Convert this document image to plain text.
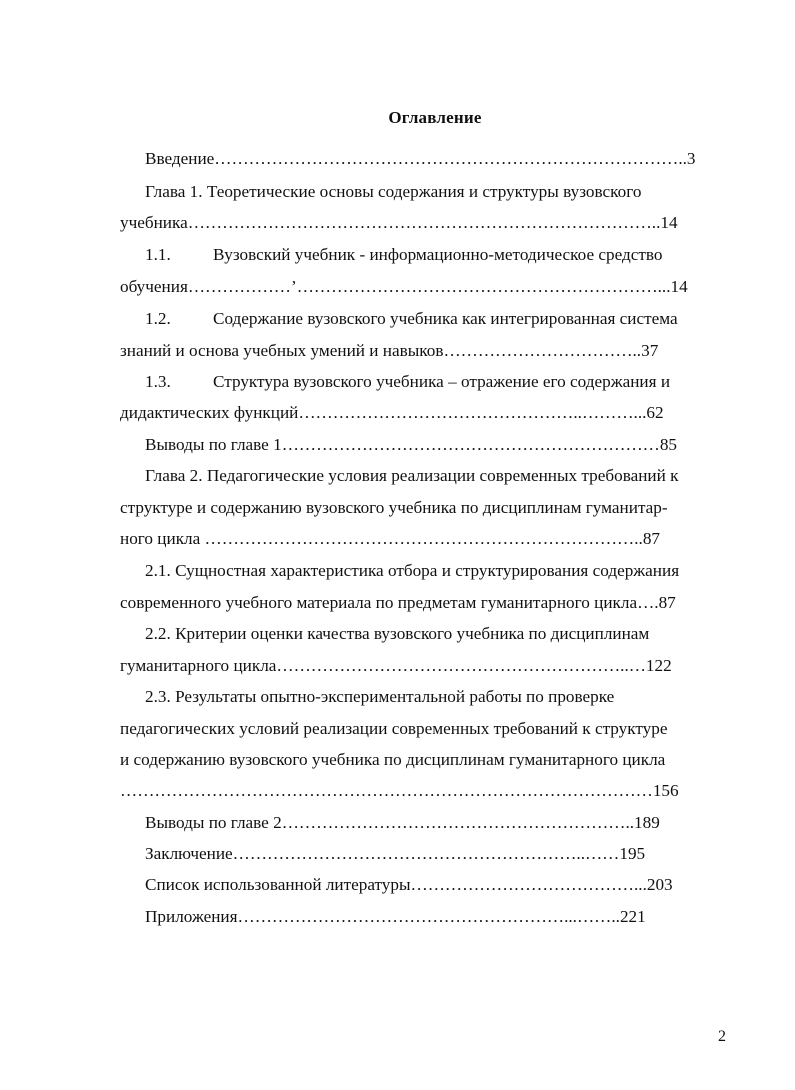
Оглавление
Введение………………………………………………………………………..3
Глава 1. Теоретические основы содержания и структуры вузовского
учебника………………………………………………………………………..14
1.1. Вузовский учебник - информационно-методическое средство
обучения………………’………………………………………………………...14
1.2. Содержание вузовского учебника как интегрированная система
знаний и основа учебных умений и навыков……………………………..37
1.3. Структура вузовского учебника – отражение его содержания и
дидактических функций…………………………………………..………...62
Выводы по главе 1…………………………………………………………85
Глава 2. Педагогические условия реализации современных требований к
структуре и содержанию вузовского учебника по дисциплинам гуманитар-
ного цикла …………………………………………………………………..87
2.1. Сущностная характеристика отбора и структурирования содержания
современного учебного материала по предметам гуманитарного цикла….87
2.2. Критерии оценки качества вузовского учебника по дисциплинам
гуманитарного цикла……………………………………………………..…122
2.3. Результаты опытно-экспериментальной работы по проверке
педагогических условий реализации современных требований к структуре
и содержанию вузовского учебника по дисциплинам гуманитарного цикла
…………………………………………………………………………………156
Выводы по главе 2……………………………………………………..189
Заключение……………………………………………………..……195
Список использованной литературы…………………………………...203
Приложения…………………………………………………...……..221
2
